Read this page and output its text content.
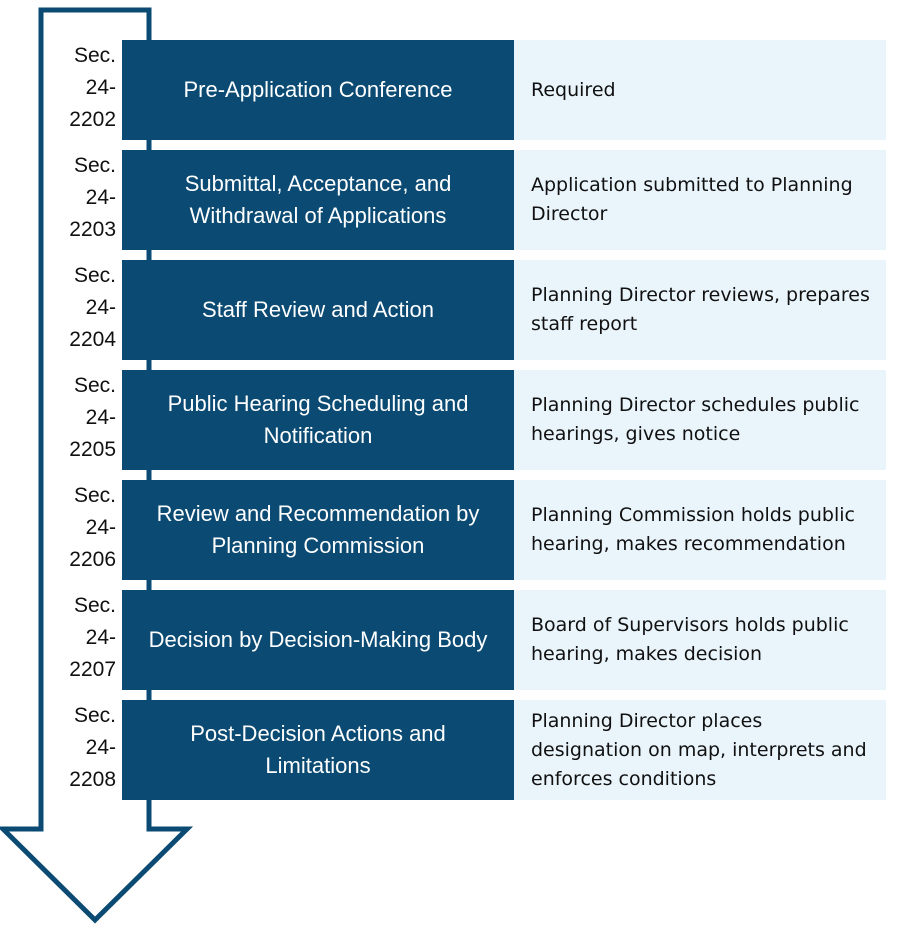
Sec.
24-
2202
Pre-Application Conference	Required
Sec.
24-
2203
Submittal, Acceptance, and Withdrawal of Applications
Application submitted to Planning Director
Sec.
24-
2204
Staff Review and Action
Planning Director reviews, prepares staff report
Sec.
24-
2205
Public Hearing Scheduling and Notification
Planning Director schedules public hearings, gives notice
Sec.
24-
2206
Review and Recommendation by Planning Commission
Planning Commission holds public hearing, makes recommendation
Sec.
24-
2207
Decision by Decision-Making Body
Board of Supervisors holds public hearing, makes decision
Sec.
24-
2208
Post-Decision Actions and Limitations
Planning Director places designation on map, interprets and enforces conditions
